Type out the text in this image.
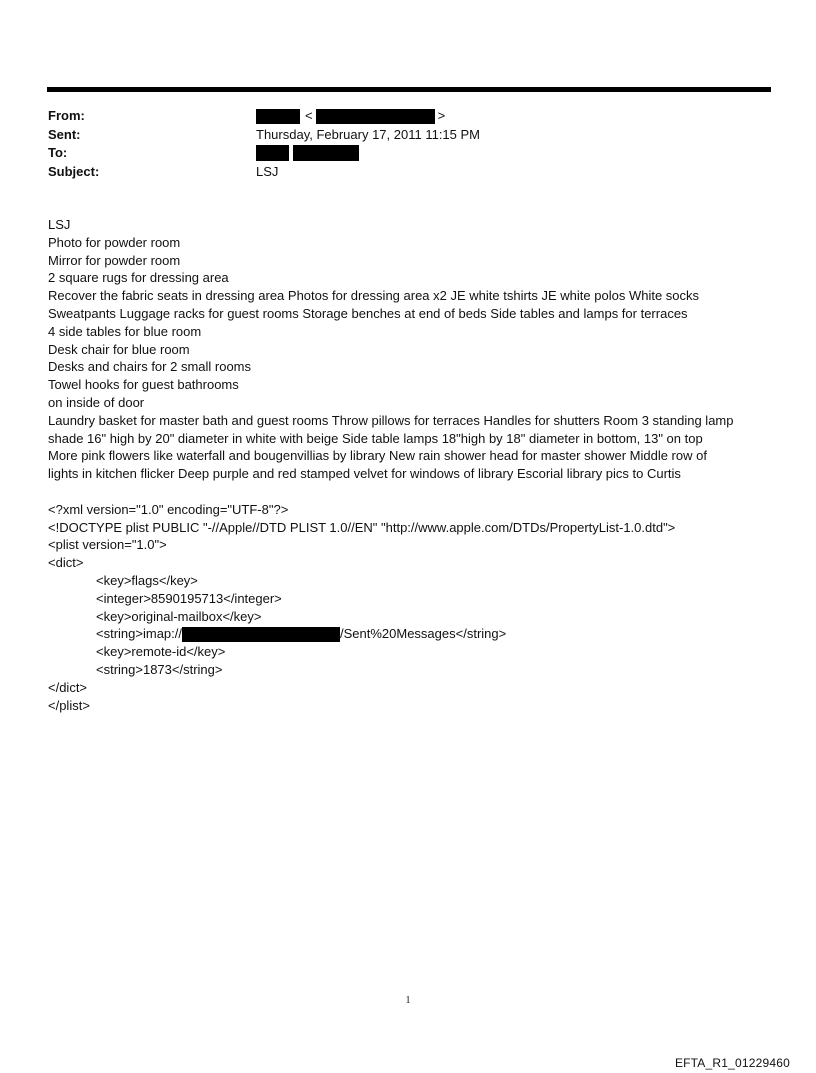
From:	<	>
Sent:	Thursday, February 17, 2011 11:15 PM
To:
Subject:	LSJ
LSJ
Photo for powder room
Mirror for powder room
2 square rugs for dressing area
Recover the fabric seats in dressing area Photos for dressing area x2 JE white tshirts JE white polos White socks
Sweatpants Luggage racks for guest rooms Storage benches at end of beds Side tables and lamps for terraces
4 side tables for blue room
Desk chair for blue room
Desks and chairs for 2 small rooms
Towel hooks for guest bathrooms
on inside of door
Laundry basket for master bath and guest rooms Throw pillows for terraces Handles for shutters Room 3 standing lamp
shade 16" high by 20" diameter in white with beige Side table lamps 18"high by 18" diameter in bottom, 13" on top
More pink flowers like waterfall and bougenvillias by library New rain shower head for master shower Middle row of
lights in kitchen flicker Deep purple and red stamped velvet for windows of library Escorial library pics to Curtis
<?xml version="1.0" encoding="UTF-8"?>
<!DOCTYPE plist PUBLIC "-//Apple//DTD PLIST 1.0//EN" "http://www.apple.com/DTDs/PropertyList-1.0.dtd">
<plist version="1.0">
<dict>
<key>flags</key>
<integer>8590195713</integer>
<key>original-mailbox</key>
<string>imap://	/Sent%20Messages</string>
<key>remote-id</key>
<string>1873</string>
</dict>
</plist>
1
EFTA_R1_01229460
